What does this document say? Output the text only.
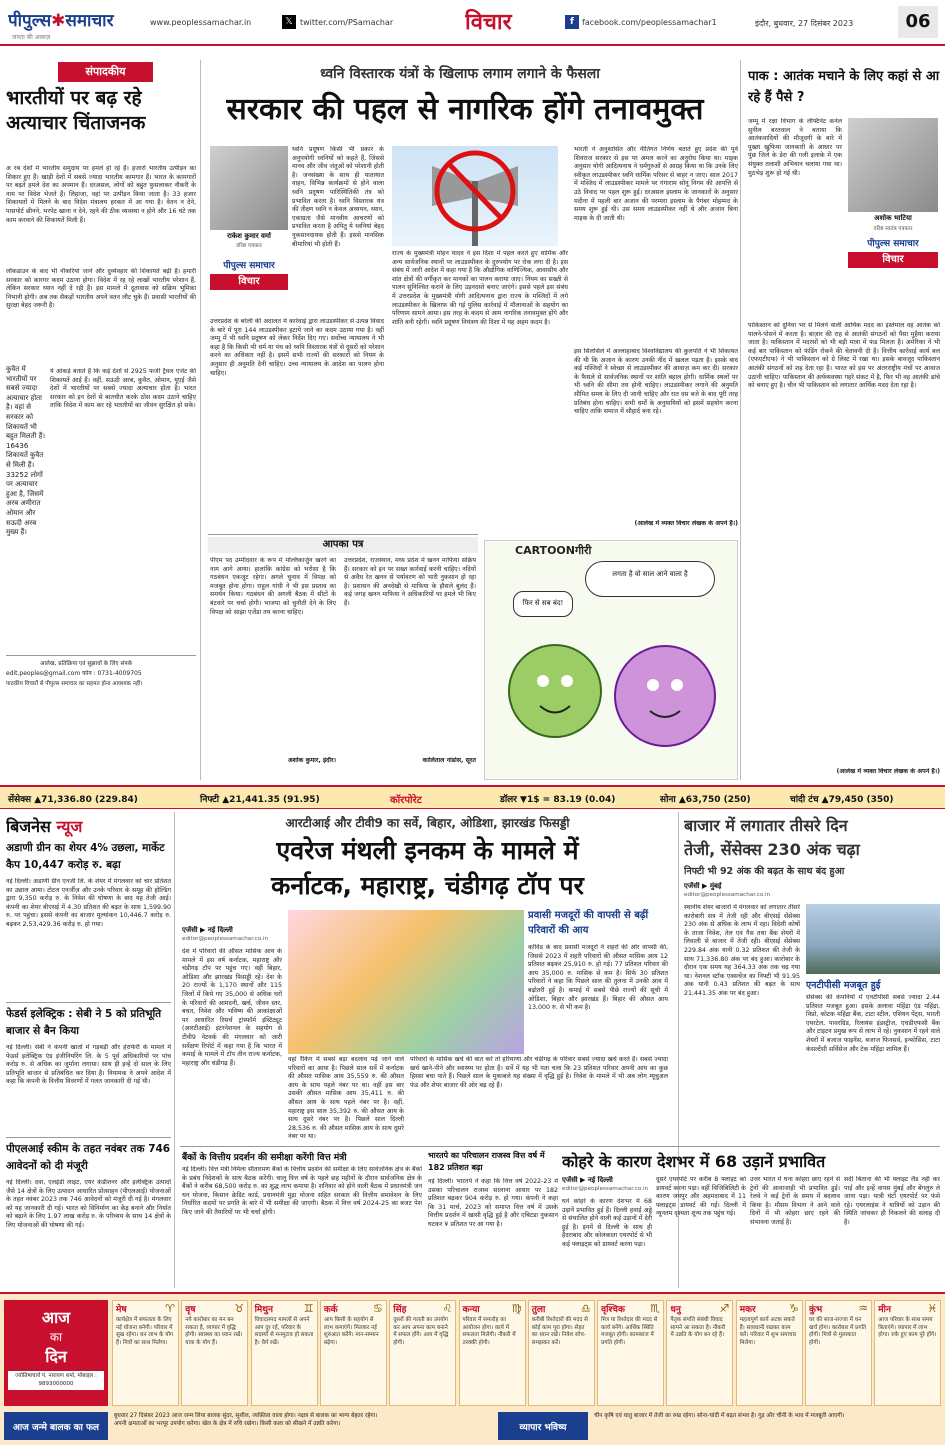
पीपुल्स✱समाचार
जनता की आवाज़
www.peoplessamachar.in	𝕏 twitter.com/PSamachar	विचार	f	facebook.com/peoplessamachar1	इंदौर, बुधवार, 27 दिसंबर 2023	06
संपादकीय
भारतीयों पर बढ़ रहे अत्याचार चिंताजनक
अ रब देशों में भारतीय समुदाय पर हमले हो रहे हैं। हजारों भारतीय उत्पीड़न का शिकार हुए हैं। खाड़ी देशों में सबसे ज्यादा भारतीय कामगार हैं। भारत के कामगारों पर बढ़ते हमले देश का अपमान हैं। दरअसल, लोगों को बहुत फुसलाकर नौकरी के नाम पर विदेश भेजते हैं। लिहाजा, वहां पर उत्पीड़न किया जाता है। 33 हजार शिकायतों में मिलने के बाद विदेश मंत्रालय हरकत में आ गया है। वेतन न देने, पासपोर्ट छीनने, भरपेट खाना न देने, रहने की ठीक व्यवस्था न होने और 16 घंटे तक काम करवाने की शिकायतें मिली हैं।
कुवैत में भारतीयों पर सबसे ज्यादा अत्याचार होता है। वहां से सरकार को शिकायतें भी बहुत मिलती हैं। 16436 शिकायतें कुवैत से मिली हैं। 33252 लोगों पर अत्याचार हुआ है, जिसमें अरब अमीरात ओमान और सऊदी अरब मुख्य हैं।
लॉकडाउन के बाद भी नौकरियां जाने और दुर्व्यवहार की शिकायतें बढ़ी हैं। हमारी सरकार को कारगर कदम उठाना होगा। विदेश में रह रहे लाखों भारतीय परेशान हैं, लेकिन सरकार ध्यान नहीं दे रही है। इस मामले में दूतावास को सक्रिय भूमिका निभानी होगी। अब तक सैकड़ों भारतीय अपने वतन लौट चुके हैं। प्रवासी भारतीयों की सुरक्षा बेहद जरूरी है।
ये आंकड़े बताते हैं कि कई देशों से 2925 फर्जी ट्रैवल एजेंट की शिकायतें आई हैं। वहीं, सऊदी अरब, कुवैत, ओमान, यूएई जैसे देशों में भारतीयों पर सबसे ज्यादा अत्याचार होता है। भारत सरकार को इन देशों से बातचीत करके ठोस कदम उठाने चाहिए ताकि विदेश में काम कर रहे भारतीयों का जीवन सुरक्षित हो सके।
आलेख, प्रतिक्रिया एवं सुझावों के लिए संपर्क
edit.peoples@gmail.com फोन : 0731-4009705
पाठकीय विचारों से पीपुल्स समाचार का सहमत होना आवश्यक नहीं।
ध्वनि विस्तारक यंत्रों के खिलाफ लगाम लगाने के फैसला
सरकार की पहल से नागरिक होंगे तनावमुक्त
राकेश कुमार वर्मा
वरिष्ठ पत्रकार
पीपुल्स समाचार
विचार
ध्वनि प्रदूषण किसी भी प्रकार के अनुपयोगी ध्वनियों को कहते हैं, जिससे मानव और जीव जंतुओं को परेशानी होती है। जनसंख्या के साथ ही यातायात वाहन, विभिन्न कार्यक्रमों से होने वाला ध्वनि प्रदूषण पारिस्थितिकी तंत्र को प्रभावित करता है। ध्वनि विस्तारक यंत्र की तीक्ष्ण ध्वनि न केवल अध्ययन, ध्यान, एकाग्रता जैसे मानवीय आचरणों को प्रभावित करता है अपितु ये ध्वनियां बेहद नुकसानदायक होती हैं। इससे मानसिक बीमारियां भी होती हैं।
उत्तरप्रदेश के बरेली की अदालत में कार्रवाई द्वारा लाउडस्पीकर से उत्पन्न विवाद के बारे में पूरा 144 लाउडस्पीकर हटाये जाने का कदम उठाया गया है। वहीं जम्मू में भी ध्वनि प्रदूषण को लेकर निर्देश दिए गए। सर्वोच्च न्यायालय ने भी कहा है कि किसी भी धर्म या पंथ को ध्वनि विस्तारक यंत्रों से दूसरों को परेशान करने का अधिकार नहीं है। इसमें सभी राज्यों की सरकारों को नियम के अनुसार ही अनुमति देनी चाहिए। उच्च न्यायालय के आदेश का पालन होना चाहिए।
राज्य के मुख्यमंत्री मोहन यादव ने इस दिशा में पहल करते हुए धार्मिक और अन्य सार्वजनिक स्थानों पर लाउडस्पीकर के दुरुपयोग पर रोक लगा दी है। इस संबंध में जारी आदेश में कहा गया है कि औद्योगिक वाणिज्यिक, आवासीय और शांत क्षेत्रों की वर्गीकृत कर मानकों का पालन कराया जाए। नियम का सख्ती से पालन सुनिश्चित कराने के लिए उड़नदस्ते बनाए जाएंगे। इससे पहले इस संबंध में उत्तरप्रदेश के मुख्यमंत्री योगी आदित्यनाथ द्वारा राज्य के मस्जिदों में लगे लाउडस्पीकर के खिलाफ की गई पुलिस कार्रवाई में मौलानाओं के सहयोग का परिणाम सामने आया। इस तरह के कदम से आम नागरिक तनावमुक्त होंगे और शांति बनी रहेगी। ध्वनि प्रदूषण नियंत्रण की दिशा में यह अहम कदम है।
भारती ने अनुशासित और नीतिगत निर्णय बताते हुए प्रदेश की पूर्व शिवराज सरकार से इस पर अमल करने का अनुरोध किया था। माइक अनुसार योगी आदित्यनाथ ने धर्मगुरुओं से आग्रह किया था कि उनके लिए स्वीकृत लाउडस्पीकर ध्वनि धार्मिक परिसर से बाहर न जाए। साल 2017 में मस्जिद में लाउडस्पीकर मामले पर गंगाराम सोनू निगम की आपत्ति से उठे विवाद पर पहल शुरू हुई। दरअसल इस्लाम के जानकारों के अनुसार मदीना में पहली बार अजान की परम्परा इस्लाम के पैगंबर मोहम्मद के समय शुरू हुई थी। उस समय लाउडस्पीकर नहीं थे और अजान बिना माइक के दी जाती थी।
इस सिलसिले में अल्लाहाबाद विश्वविद्यालय की कुलपति ने भी शिकायत की थी कि अजान के कारण उनकी नींद में खलल पड़ता है। इसके बाद कई मस्जिदों ने स्वेच्छा से लाउडस्पीकर की आवाज़ कम कर दी। सरकार के फैसले से सार्वजनिक स्थानों पर शांति बहाल होगी। धार्मिक स्थलों पर भी ध्वनि की सीमा तय होनी चाहिए। लाउडस्पीकर लगाने की अनुमति सीमित समय के लिए दी जानी चाहिए और रात दस बजे के बाद पूरी तरह प्रतिबंध होना चाहिए। सभी धर्मों के अनुयायियों को इसमें सहयोग करना चाहिए ताकि समाज में सौहार्द बना रहे।
(आलेख में व्यक्त विचार लेखक के अपने हैं।)
आपका पत्र
पीएम पद उम्मीदवार के रूप में मल्लिकार्जुन खरगे का नाम आगे आया। हालांकि कांग्रेस को भरोसा है कि गठबंधन एकजुट रहेगा। अगले चुनाव में विपक्ष को मजबूत होना होगा। राहुल गांधी ने भी इस प्रस्ताव का समर्थन किया। गठबंधन की अगली बैठक में सीटों के बंटवारे पर चर्चा होगी। भाजपा को चुनौती देने के लिए विपक्ष को साझा एजेंडा तय करना चाहिए।
अशोक कुमार, इंदौर।
उत्तरप्रदेश, राजस्थान, मध्य प्रदेश में खनन माफिया सक्रिय हैं। सरकार को इन पर सख्त कार्रवाई करनी चाहिए। नदियों से अवैध रेत खनन से पर्यावरण को भारी नुकसान हो रहा है। प्रशासन की अनदेखी से माफिया के हौसले बुलंद हैं। कई जगह खनन माफिया ने अधिकारियों पर हमले भी किए हैं।
कालिताल नांडोस, सूरत
CARTOONगीरी
लगता है वो साल आने वाला है
फिर से सब बंद!
पाक : आतंक मचाने के लिए कहां से आ रहे हैं पैसे ?
जम्मू में रक्षा विभाग के लेफ्टिनेंट कर्नल सुनील बरतवाल ने बताया कि आतंकवादियों की मौजूदगी के बारे में पुख्ता खुफिया जानकारी के आधार पर पुंछ जिले के डेरा की गली इलाके में एक संयुक्त तलाशी अभियान चलाया गया था। मुठभेड़ शुरू हो गई थी।
अशोक भाटिया
वरिष्ठ स्वतंत्र पत्रकार
पीपुल्स समाचार
विचार
पाकिस्तान को दुनिया भर से मिलने वाली आर्थिक मदद का इस्तेमाल वह आतंक को पालने-पोसने में करता है। बाज़ार की राह से आतंकी संगठनों को पैसा मुहैया कराया जाता है। पाकिस्तान में मदरसों को भी बड़ी मात्रा में फंड मिलता है। अमेरिका ने भी कई बार पाकिस्तान को फंडिंग रोकने की चेतावनी दी है। वित्तीय कार्रवाई कार्य बल (एफएटीएफ) ने भी पाकिस्तान को ग्रे लिस्ट में रखा था। इसके बावजूद पाकिस्तान आतंकी संगठनों को शह देता रहा है। भारत को इस पर अंतरराष्ट्रीय मंचों पर आवाज उठानी चाहिए। पाकिस्तान की अर्थव्यवस्था गहरे संकट में है, फिर भी वह आतंकी ढांचे को बनाए हुए है। चीन भी पाकिस्तान को लगातार आर्थिक मदद देता रहा है।
(आलेख में व्यक्त विचार लेखक के अपने हैं।)
सेंसेक्स ▲71,336.80 (229.84)	निफ्टी ▲21,441.35 (91.95)	कॉरपोरेट	डॉलर ▼1$ = 83.19 (0.04)	सोना ▲63,750 (250)	चांदी टंच ▲79,450 (350)
बिजनेस न्यूज
अडाणी ग्रीन का शेयर 4% उछला, मार्केट कैप 10,447 करोड़ रु. बढ़ा
नई दिल्ली। अडाणी ग्रीन एनर्जी लि. के शेयर में मंगलवार को चार प्रतिशत का उछाल आया। टोटल एनर्जीज़ और उनके परिवार के समूह की होल्डिंग द्वारा 9,350 करोड़ रु. के निवेश की घोषणा के बाद यह तेजी आई। कंपनी का शेयर बीएसई में 4.30 प्रतिशत की बढ़त के साथ 1,599.90 रु. पर पहुंचा। इससे कंपनी का बाजार मूल्यांकन 10,446.7 करोड़ रु. बढ़कर 2,53,429.36 करोड़ रु. हो गया।
फेडर्स इलेक्ट्रिक : सेबी ने 5 को प्रतिभूति बाजार से बैन किया
नई दिल्ली। सेबी ने कंपनी खातों में गड़बड़ी और हेराफेरी के मामले में फेडर्स इलेक्ट्रिक एंड इंजीनियरिंग लि. के 5 पूर्व अधिकारियों पर पांच करोड़ रु. से अधिक का जुर्माना लगाया। साथ ही इन्हें दो साल के लिए प्रतिभूति बाजार से प्रतिबंधित कर दिया है। नियामक ने अपने आदेश में कहा कि कंपनी के वित्तीय विवरणों में गलत जानकारी दी गई थी।
पीएलआई स्कीम के तहत नवंबर तक 746 आवेदनों को दी मंजूरी
नई दिल्ली। दवा, एलईडी लाइट, एयर कंडीशनर और इलेक्ट्रिक उत्पादों जैसे 14 क्षेत्रों के लिए उत्पादन आधारित प्रोत्साहन (पीएलआई) योजनाओं के तहत नवंबर 2023 तक 746 आवेदनों को मंजूरी दी गई है। मंगलवार को यह जानकारी दी गई। भारत को विनिर्माण का केंद्र बनाने और निर्यात को बढ़ाने के लिए 1.97 लाख करोड़ रु. के परिव्यय के साथ 14 क्षेत्रों के लिए योजनाओं की घोषणा की गई।
आरटीआई और टीवी9 का सर्वे, बिहार, ओडिशा, झारखंड फिसड्डी
एवरेज मंथली इनकम के मामले में
कर्नाटक, महाराष्ट्र, चंडीगढ़ टॉप पर
एजेंसी ▶ नई दिल्ली
editor@peoplessamachar.co.in
देश में परिवारों की औसत मासिक आय के मामले में इस वर्ष कर्नाटक, महाराष्ट्र और चंडीगढ़ टॉप पर पहुंच गए। वहीं बिहार, ओडिशा और झारखंड फिसड्डी रहे। देश के 20 राज्यों के 1,170 स्थानों और 115 जिलों में किये गए 35,000 से अधिक घरों के परिवारों की आमदनी, खर्च, जीवन स्तर, बचत, निवेश और भविष्य की आकांक्षाओं पर आधारित रिसर्च ट्रांस्फॉर्म इंस्टिट्यूट (आरटीआई) इंटरनेशनल के सहयोग से टीवी9 नेटवर्क की मंगलवार को जारी सर्वेक्षण रिपोर्ट में कहा गया है कि भारत में कमाई के मामले में टॉप तीन राज्य कर्नाटक, महाराष्ट्र और चंडीगढ़ हैं।
वहां रैंकिंग में सबसे बड़ा बदलाव पढ़े जाने वाले परिवारों का आया है। पिछले साल सर्वे में कर्नाटक की औसत मासिक आय 35,559 रु. की औसत आय के साथ पहले नंबर पर था। वहीं इस बार उसकी औसत मासिक आय 35,411 रु. की औसत आय के साथ पहले नंबर पर है। वहीं, महाराष्ट्र इस साल 35,392 रु. की औसत आय के साथ दूसरे नंबर पर है। पिछले साल दिल्ली 28,536 रु. की औसत मासिक आय के साथ दूसरे नंबर पर था।
प्रवासी मजदूरों की वापसी से बढ़ीं परिवारों की आय
कोविड के बाद प्रवासी मजदूरों ने शहरों की ओर वापसी की, जिससे 2023 में शहरी परिवारों की औसत मासिक आय 12 प्रतिशत बढ़कर 25,910 रु. हो गई। 77 प्रतिशत परिवार की आय 35,000 रु. मासिक से कम है। सिर्फ 30 प्रतिशत परिवारों ने कहा कि पिछले साल की तुलना में उनकी आय में बढ़ोतरी हुई है। कमाई में सबसे पीछे राज्यों की सूची में ओडिशा, बिहार और झारखंड हैं। बिहार की औसत आय 13,000 रु. से भी कम है।
परिवारों के मासिक खर्च की बात करें तो हरियाणा और चंडीगढ़ के परिवार सबसे ज्यादा खर्च करते हैं। सबसे ज्यादा खर्च खाने-पीने और स्वास्थ्य पर होता है। सर्वे में यह भी पता चला कि 23 प्रतिशत परिवार अपनी आय का कुछ हिस्सा बचा पाते हैं। पिछले साल के मुकाबले यह संख्या में वृद्धि हुई है। निवेश के मामले में भी अब लोग म्यूचुअल फंड और शेयर बाजार की ओर बढ़ रहे हैं।
बैंकों के वित्तीय प्रदर्शन की समीक्षा करेंगी वित्त मंत्री
नई दिल्ली। वित्त मंत्री निर्मला सीतारमण बैंकों के वित्तीय प्रदर्शन की समीक्षा के लिए सार्वजनिक क्षेत्र के बैंकों के प्रबंध निदेशकों के साथ बैठक करेंगी। चालू वित्त वर्ष के पहले छह महीनों के दौरान सार्वजनिक क्षेत्र के बैंकों ने करीब 68,500 करोड़ रु. का शुद्ध लाभ कमाया है। शनिवार को होने वाली बैठक में प्रधानमंत्री जन धन योजना, किसान क्रेडिट कार्ड, प्रधानमंत्री मुद्रा योजना सहित सरकार की वित्तीय समावेशन के लिए निर्धारित कदमों पर प्रगति के बारे में भी समीक्षा की जाएगी। बैठक में वित्त वर्ष 2024-25 का बजट पेश किए जाने की तैयारियों पर भी चर्चा होगी।
भारतपे का परिचालन राजस्व वित्त वर्ष में 182 प्रतिशत बढ़ा
नई दिल्ली। भारतपे ने कहा कि वित्त वर्ष 2022-23 में उसका परिचालन राजस्व सालाना आधार पर 182 प्रतिशत बढ़कर 904 करोड़ रु. हो गया। कंपनी ने कहा कि 31 मार्च, 2023 को समाप्त वित्त वर्ष में उसके वित्तीय प्रदर्शन में खासी वृद्धि हुई है और एबिटडा नुकसान घटकर ¥ प्रतिशत पर आ गया है।
बाजार में लगातार तीसरे दिन
तेजी, सेंसेक्स 230 अंक चढ़ा
निफ्टी भी 92 अंक की बढ़त के साथ बंद हुआ
एजेंसी ▶ मुंबई
editor@peoplessamachar.co.in
स्थानीय शेयर बाजारों में मंगलवार को लगातार तीसरे कारोबारी सत्र में तेजी रही और बीएसई सेंसेक्स 230 अंक से अधिक के लाभ में रहा। विदेशी कोषों के ताजा निवेश, तेल एवं गैस तथा बैंक शेयरों में लिवाली से बाजार में तेजी रही। बीएसई सेंसेक्स 229.84 अंक यानी 0.32 प्रतिशत की तेजी के साथ 71,336.80 अंक पर बंद हुआ। कारोबार के दौरान एक समय यह 364.33 अंक तक चढ़ गया था। नेशनल स्टॉक एक्सचेंज का निफ्टी भी 91.95 अंक यानी 0.43 प्रतिशत की बढ़त के साथ 21,441.35 अंक पर बंद हुआ।
एनटीपीसी मजबूत हुई
सेंसेक्स की कंपनियों में एनटीपीसी सबसे ज्यादा 2.44 प्रतिशत मजबूत हुआ। इसके अलावा महिंद्रा एंड महिंद्रा, विप्रो, कोटक महिंद्रा बैंक, टाटा स्टील, एशियन पेंट्स, भारती एयरटेल, पावरग्रिड, रिलायंस इंडस्ट्रीज, एचडीएफसी बैंक और टाइटन प्रमुख रूप से लाभ में रहे। नुकसान में रहने वाले शेयरों में बजाज फाइनेंस, बजाज फिनसर्व, इन्फोसिस, टाटा कंसल्टेंसी सर्विसेज और टेक महिंद्रा शामिल हैं।
कोहरे के कारण देशभर में 68 उड़ानें प्रभावित
एजेंसी ▶ नई दिल्ली
editor@peoplessamachar.co.in
घने कोहरे के कारण देशभर में 68 उड़ानें प्रभावित हुई हैं। दिल्ली हवाई अड्डे से संचालित होने वाली कई उड़ानों में देरी हुई है। इनमें से दिल्ली के साथ ही हैदराबाद और कोलकाता एयरपोर्ट से भी कई फ्लाइट्स को डायवर्ट करना पड़ा।
दूसरे एयरपोर्ट पर करीब 8 फ्लाइट को डायवर्ट करना पड़ा। वहीं विजिबिलिटी के कारण जयपुर और अहमदाबाद में 11 फ्लाइट्स डायवर्ट की गईं। दिल्ली में न्यूनतम दृश्यता शून्य तक पहुंच गई।
उत्तर भारत में घना कोहरा छाए रहने से ट्रेनों की आवाजाही भी प्रभावित हुई। रेलवे ने कई ट्रेनों के समय में बदलाव किया है। मौसम विभाग ने आने वाले दिनों में भी कोहरा छाए रहने की संभावना जताई है।
सर्दी बिताना की भी फ्लाइट लैंड नहीं कर पाई और इन्हें वापस मुंबई और बेंगलुरु ले जाना पड़ा। यात्री घंटों एयरपोर्ट पर फंसे रहे। एयरलाइंस ने यात्रियों को उड़ान की स्थिति जांचकर ही निकलने की सलाह दी है।
आज
का
दिन
ज्योतिषाचार्य पं. नारायण शर्मा, मोबाइल : 9893000000
मेष	♈
कार्यक्षेत्र में सफलता के लिए नई योजना बनेगी। परिवार में सुख रहेगा। धन लाभ के योग हैं। मित्रों का साथ मिलेगा।
वृष	♉
नये कारोबार का मन बन सकता है, व्यापार में वृद्धि होगी। स्वास्थ्य का ध्यान रखें। यात्रा के योग हैं।
मिथुन	♊
विवादास्पद मामलों से अपने आप दूर रहें, परिवार के सदस्यों से मनमुटाव हो सकता है। धैर्य रखें।
कर्क	♋
आप किसी के सहयोग से लाभ कमाएंगे। मिलकर नई शुरुआत करेंगे। मान-सम्मान बढ़ेगा।
सिंह	♌
दूसरों की गलती का उपयोग कर आप अपना काम बनाने में सफल होंगे। आय में वृद्धि होगी।
कन्या	♍
परिवार में समारोह का आयोजन होगा। कार्य में सफलता मिलेगी। नौकरी में तरक्की होगी।
तुला	♎
करीबी रिश्तेदारों की मदद से कोई काम पूरा होगा। सेहत का ध्यान रखें। निवेश सोच-समझकर करें।
वृश्चिक ♏
मित्र या रिश्तेदार की मदद से कार्य बनेंगे। आर्थिक स्थिति मजबूत होगी। कामकाज में प्रगति होगी।
धनु	♐
पैतृक संपत्ति संबंधी विवाद सामने आ सकता है। नौकरी में उन्नति के योग बन रहे हैं।
मकर	♑
महत्वपूर्ण कार्य अटक सकते हैं। सावधानी रखकर काम करें। परिवार में शुभ समाचार मिलेगा।
कुंभ	♒
घर की साज-सज्जा में धन खर्च होगा। कारोबार में प्रगति होगी। मित्रों से मुलाकात होगी।
मीन	♓
आज परिवार के साथ समय बिताएंगे। व्यापार में लाभ होगा। रुके हुए काम पूरे होंगे।
आज जन्मे बालक का फल
बुधवार 27 दिसंबर 2023 आज जन्म लिया बालक सुंदर, सुशील, व्यक्तित्व वाला होगा। नक्षत्र से बालक का भाग्य बेहतर रहेगा।
अपनी क्षमताओं का भरपूर उपयोग करेगा। खेल के क्षेत्र में रुचि रखेगा। किसी कला को सीखने में उन्नति करेगा।	व्यापार भविष्य
चीन कृषि एवं धातु बाजार में तेजी का रुख रहेगा। सोना-चांदी में बढ़त संभव है। गुड़ और चीनी के भाव में मजबूती आएगी।
